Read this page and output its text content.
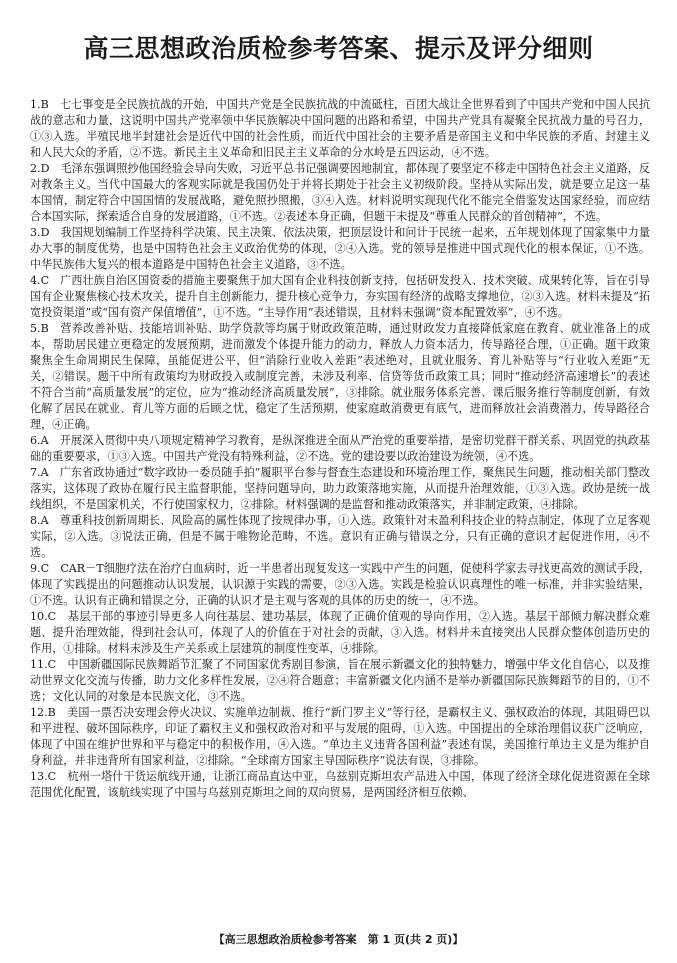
高三思想政治质检参考答案、提示及评分细则

1.B　 七七事变是全民族抗战的开始，中国共产党是全民族抗战的中流砥柱，百团大战让全世界看到了中国共产党和中国人民抗战的意志和力量，这说明中国共产党率领中华民族解决中国问题的出路和希望，中国共产党具有凝聚全民抗战力量的号召力，①③入选。半殖民地半封建社会是近代中国的社会性质，而近代中国社会的主要矛盾是帝国主义和中华民族的矛盾、封建主义和人民大众的矛盾，②不选。新民主主义革命和旧民主主义革命的分水岭是五四运动，④不选。

2.D　 毛泽东强调照抄他国经验会导向失败，习近平总书记强调要因地制宜，都体现了要坚定不移走中国特色社会主义道路，反对教条主义。当代中国最大的客观实际就是我国仍处于并将长期处于社会主义初级阶段。坚持从实际出发，就是要立足这一基本国情，制定符合中国国情的发展战略，避免照抄照搬，③④入选。材料说明实现现代化不能完全借鉴发达国家经验，而应结合本国实际，探索适合自身的发展道路，①不选。②表述本身正确，但题干未提及“尊重人民群众的首创精神”，不选。

3.D　 我国规划编制工作坚持科学决策、民主决策、依法决策，把顶层设计和问计于民统一起来，五年规划体现了国家集中力量办大事的制度优势，也是中国特色社会主义政治优势的体现，②④入选。党的领导是推进中国式现代化的根本保证，①不选。中华民族伟大复兴的根本道路是中国特色社会主义道路，③不选。

4.C　 广西壮族自治区国资委的措施主要聚焦于加大国有企业科技创新支持，包括研发投入、技术突破、成果转化等，旨在引导国有企业聚焦核心技术攻关，提升自主创新能力，提升核心竞争力，夯实国有经济的战略支撑地位，②③入选。材料未提及“拓宽投资渠道”或“国有资产保值增值”，①不选。“主导作用”表述错误，且材料未强调“资本配置效率”，④不选。

5.B　 营养改善补贴、技能培训补贴、助学贷款等均属于财政政策范畴，通过财政发力直接降低家庭在教育、就业准备上的成本，帮助居民建立更稳定的发展预期，进而激发个体提升能力的动力，释放人力资本活力，传导路径合理，①正确。题干政策聚焦全生命周期民生保障，虽能促进公平，但“消除行业收入差距”表述绝对，且就业服务、育儿补贴等与“行业收入差距”无关，②错误。题干中所有政策均为财政投入或制度完善，未涉及利率、信贷等货币政策工具；同时“推动经济高速增长”的表述不符合当前“高质量发展”的定位，应为“推动经济高质量发展”，③排除。就业服务体系完善、课后服务推行等制度创新，有效化解了居民在就业、育儿等方面的后顾之忧，稳定了生活预期，使家庭敢消费更有底气，进而释放社会消费潜力，传导路径合理，④正确。

6.A　 开展深入贯彻中央八项规定精神学习教育，是纵深推进全面从严治党的重要举措，是密切党群干群关系、巩固党的执政基础的重要要求，①③入选。中国共产党没有特殊利益，②不选。党的建设要以政治建设为统领，④不选。

7.A　 广东省政协通过“数字政协一委员随手拍”履职平台参与督查生态建设和环境治理工作，聚焦民生问题，推动相关部门整改落实，这体现了政协在履行民主监督职能，坚持问题导向，助力政策落地实施，从而提升治理效能，①③入选。政协是统一战线组织，不是国家机关，不行使国家权力，②排除。材料强调的是监督和推动政策落实，并非制定政策，④排除。

8.A　 尊重科技创新周期长、风险高的属性体现了按规律办事，①入选。政策针对未盈利科技企业的特点制定，体现了立足客观实际，②入选。③说法正确，但是不属于唯物论范畴，不选。意识有正确与错误之分，只有正确的意识才起促进作用，④不选。

9.C　 CAR－T细胞疗法在治疗白血病时，近一半患者出现复发这一实践中产生的问题，促使科学家去寻找更高效的测试手段，体现了实践提出的问题推动认识发展，认识源于实践的需要，②③入选。实践是检验认识真理性的唯一标准，并非实验结果，①不选。认识有正确和错误之分，正确的认识才是主观与客观的具体的历史的统一，④不选。

10.C　 基层干部的事迹引导更多人向往基层、建功基层，体现了正确价值观的导向作用，②入选。基层干部倾力解决群众难题、提升治理效能，得到社会认可，体现了人的价值在于对社会的贡献，③入选。材料并未直接突出人民群众整体创造历史的作用，①排除。材料未涉及生产关系或上层建筑的制度性变革，④排除。

11.C　 中国新疆国际民族舞蹈节汇聚了不同国家优秀剧目参演，旨在展示新疆文化的独特魅力，增强中华文化自信心，以及推动世界文化交流与传播，助力文化多样性发展，②④符合题意；丰富新疆文化内涵不是举办新疆国际民族舞蹈节的目的，①不选；文化认同的对象是本民族文化，③不选。

12.B　 美国一票否决安理会停火决议、实施单边制裁、推行“新门罗主义”等行径，是霸权主义、强权政治的体现，其阻碍巴以和平进程、破坏国际秩序，印证了霸权主义和强权政治对和平与发展的阻碍，①入选。中国提出的全球治理倡议获广泛响应，体现了中国在维护世界和平与稳定中的积极作用，④入选。“单边主义违背各国利益”表述有误，美国推行单边主义是为维护自身利益，并非违背所有国家利益，②排除。“全球南方国家主导国际秩序”说法有误，③排除。

13.C　 杭州一塔什干货运航线开通，让浙江商品直达中亚，乌兹别克斯坦农产品进入中国，体现了经济全球化促进资源在全球范围优化配置，该航线实现了中国与乌兹别克斯坦之间的双向贸易，是两国经济相互依赖、

【高三思想政治质检参考答案　第 1 页(共 2 页)】
